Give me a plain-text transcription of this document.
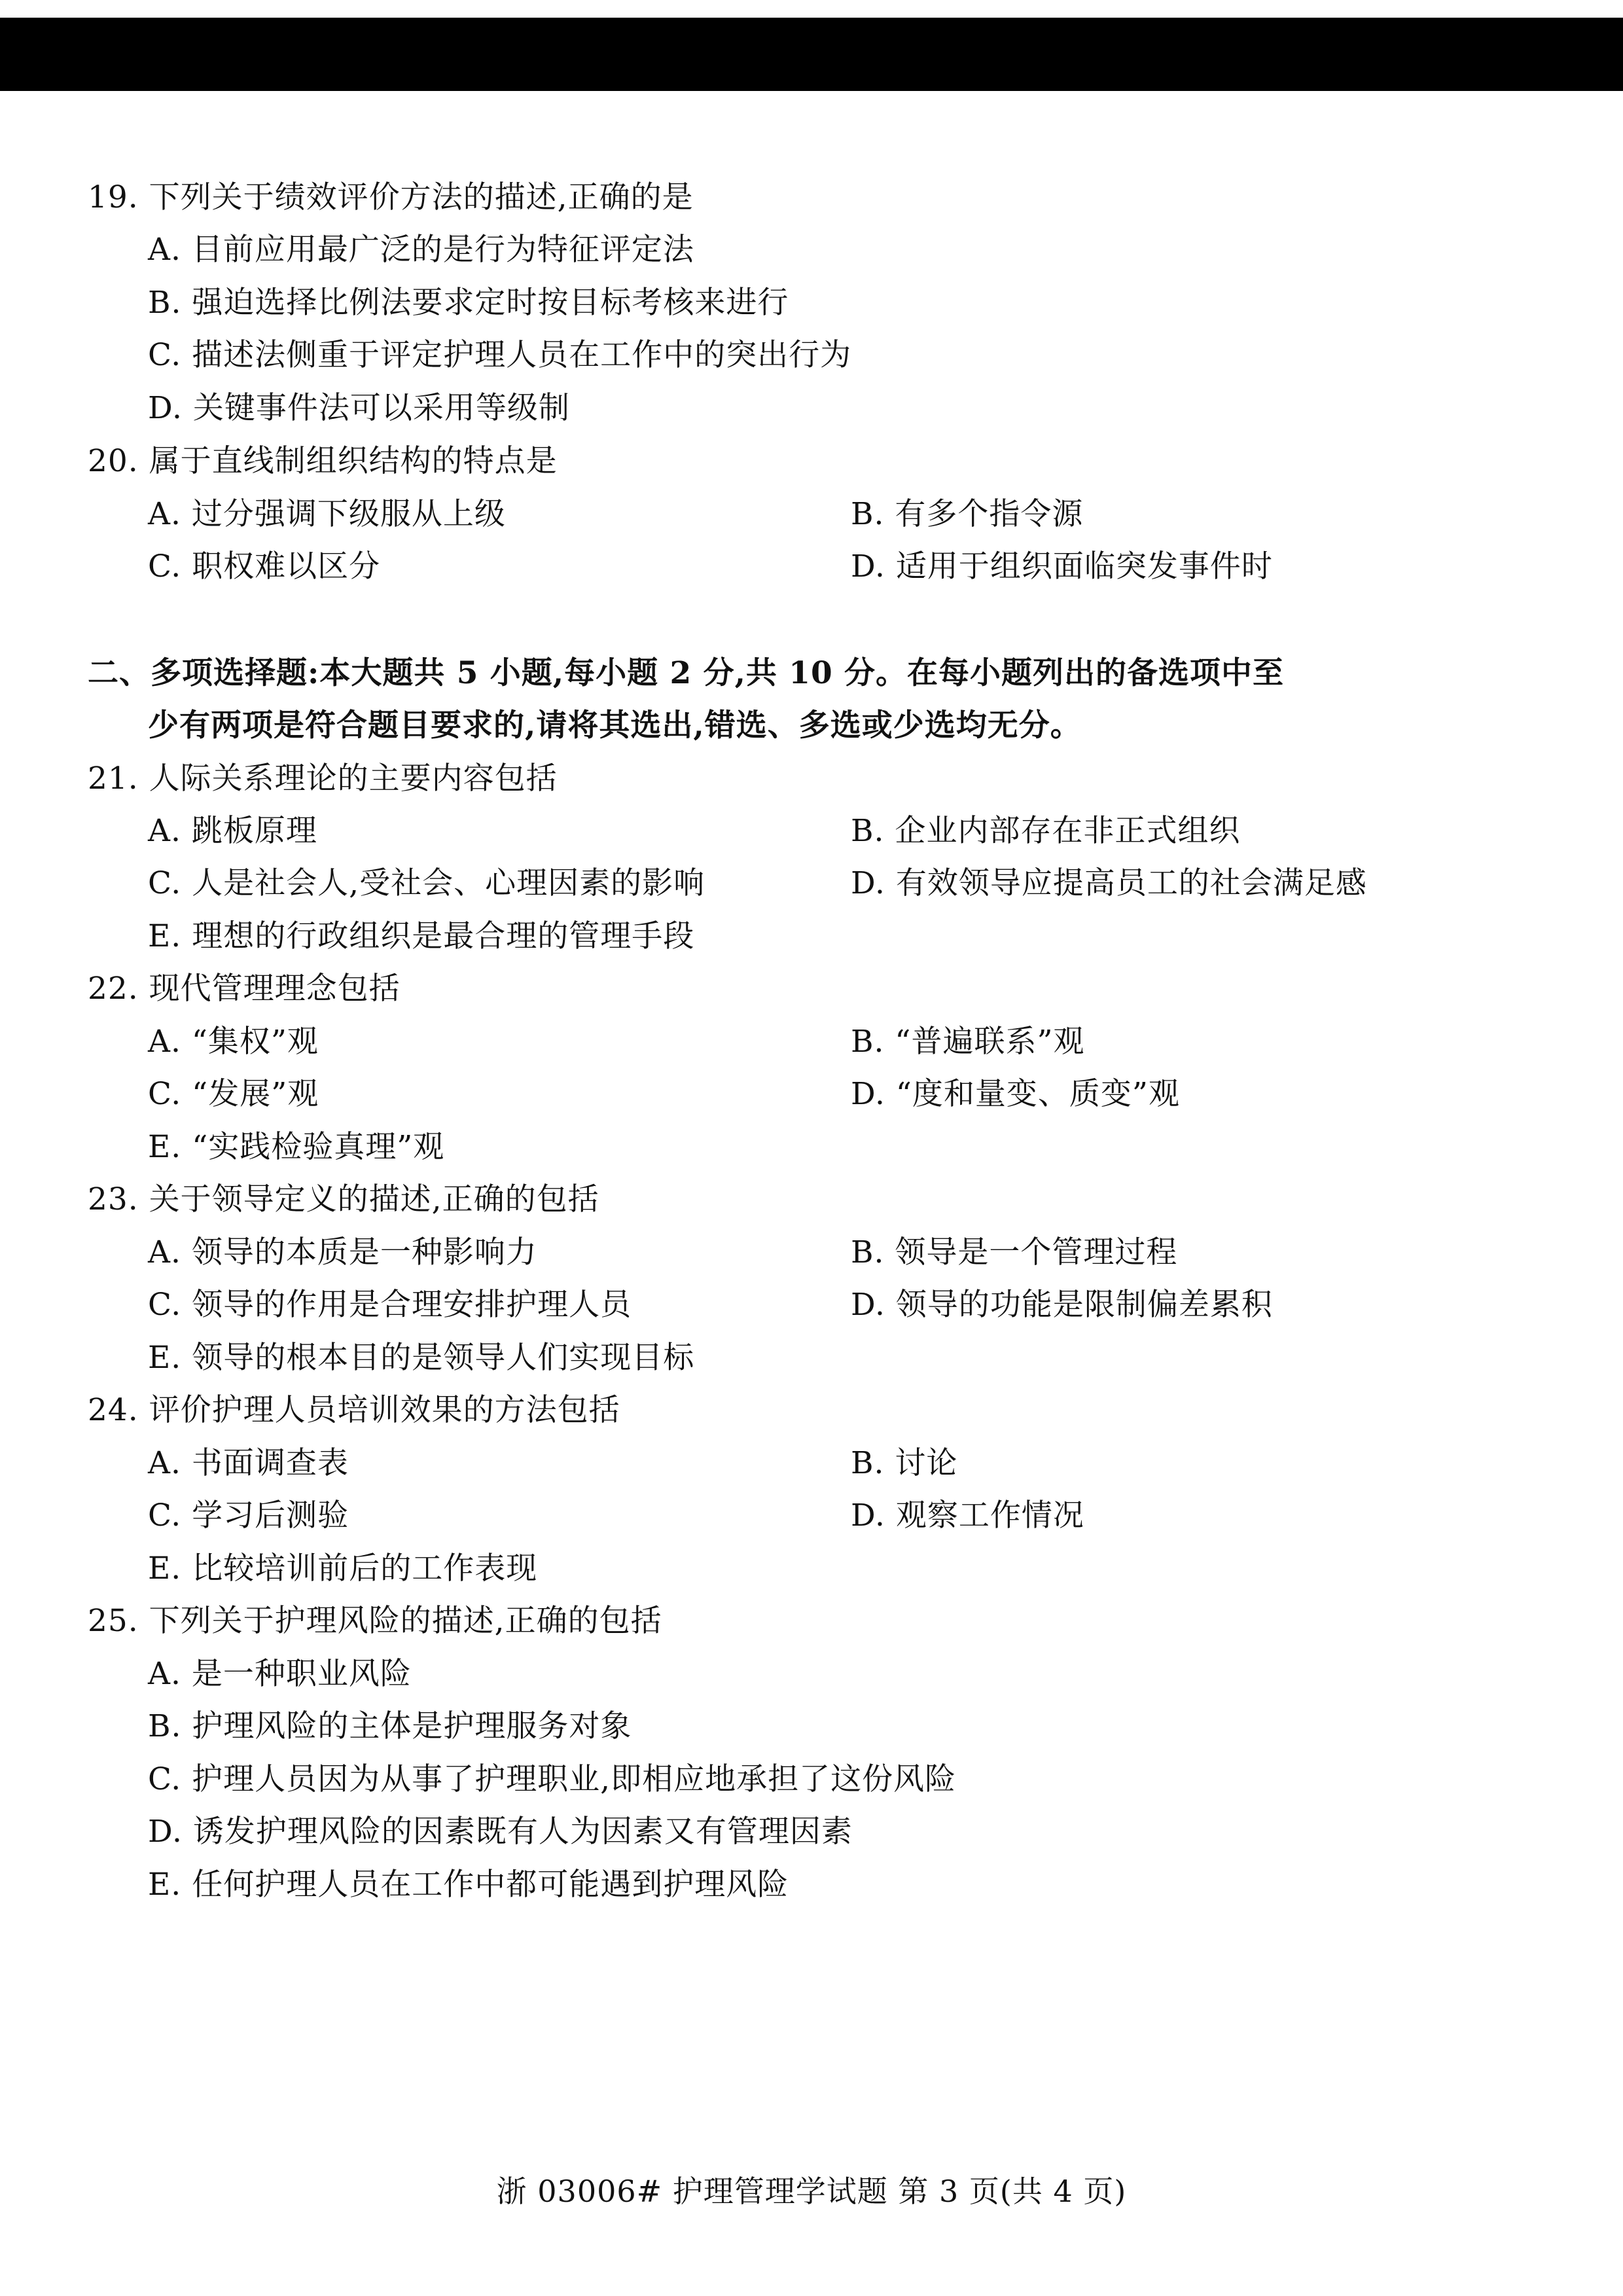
19. 下列关于绩效评价方法的描述,正确的是
A. 目前应用最广泛的是行为特征评定法
B. 强迫选择比例法要求定时按目标考核来进行
C. 描述法侧重于评定护理人员在工作中的突出行为
D. 关键事件法可以采用等级制
20. 属于直线制组织结构的特点是
A. 过分强调下级服从上级	B. 有多个指令源
C. 职权难以区分	D. 适用于组织面临突发事件时
二、多项选择题:本大题共 5 小题,每小题 2 分,共 10 分。在每小题列出的备选项中至
少有两项是符合题目要求的,请将其选出,错选、多选或少选均无分。
21. 人际关系理论的主要内容包括
A. 跳板原理	B. 企业内部存在非正式组织
C. 人是社会人,受社会、心理因素的影响	D. 有效领导应提高员工的社会满足感
E. 理想的行政组织是最合理的管理手段
22. 现代管理理念包括
A. “集权”观	B. “普遍联系”观
C. “发展”观	D. “度和量变、质变”观
E. “实践检验真理”观
23. 关于领导定义的描述,正确的包括
A. 领导的本质是一种影响力	B. 领导是一个管理过程
C. 领导的作用是合理安排护理人员	D. 领导的功能是限制偏差累积
E. 领导的根本目的是领导人们实现目标
24. 评价护理人员培训效果的方法包括
A. 书面调查表	B. 讨论
C. 学习后测验	D. 观察工作情况
E. 比较培训前后的工作表现
25. 下列关于护理风险的描述,正确的包括
A. 是一种职业风险
B. 护理风险的主体是护理服务对象
C. 护理人员因为从事了护理职业,即相应地承担了这份风险
D. 诱发护理风险的因素既有人为因素又有管理因素
E. 任何护理人员在工作中都可能遇到护理风险
浙 03006# 护理管理学试题 第 3 页(共 4 页)
